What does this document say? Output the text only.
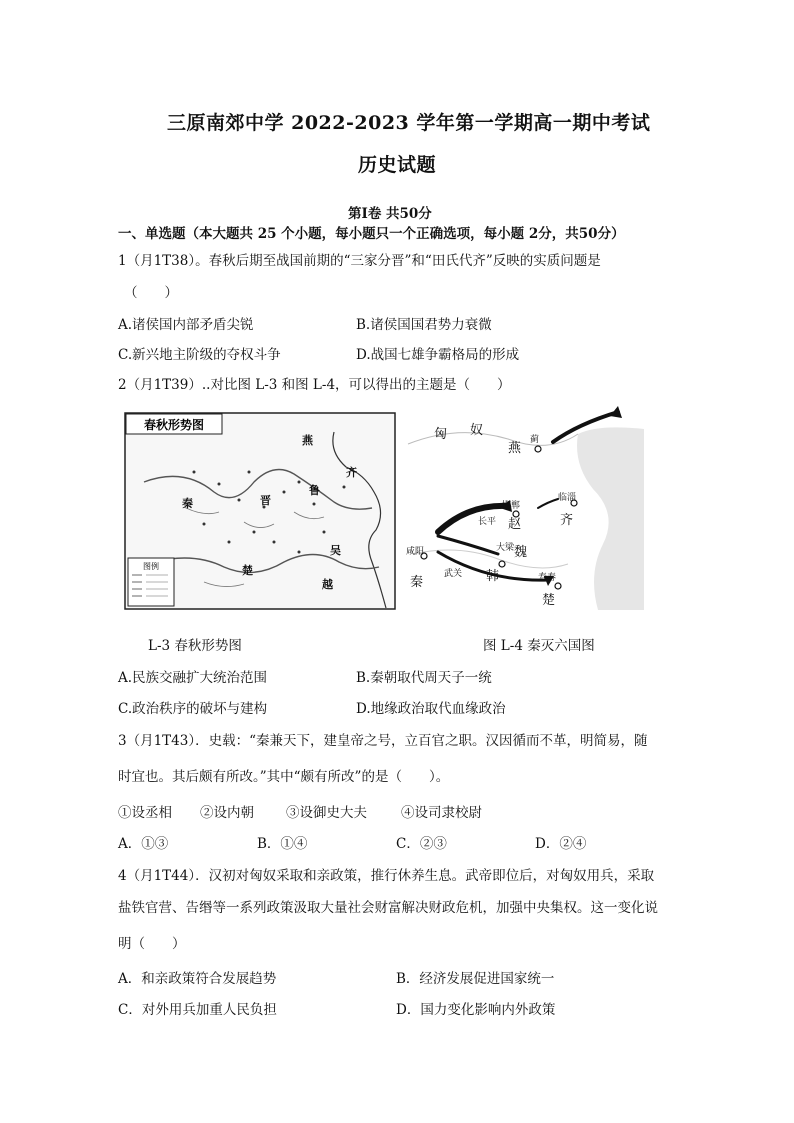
三原南郊中学 2022-2023 学年第一学期高一期中考试
历史试题
第Ⅰ卷 共50分
一、单选题（本大题共 25 个小题，每小题只一个正确选项，每小题 2分，共50分）
1（月1T38）。春秋后期至战国前期的“三家分晋”和“田氏代齐”反映的实质问题是
（　　）
A.诸侯国内部矛盾尖锐	B.诸侯国国君势力衰微
C.新兴地主阶级的夺权斗争	D.战国七雄争霸格局的形成
2（月1T39）..对比图 L-3 和图 L-4，可以得出的主题是（　　）
春秋形势图
燕
齐
鲁
晋
秦
楚
吴
越
图例
匈 奴
燕
蓟
邯郸
赵
长平
临淄
齐
咸阳	大梁 魏
韩
秦
武关	寿春
楚
L-3 春秋形势图	图 L-4 秦灭六国图
A.民族交融扩大统治范围	B.秦朝取代周天子一统
C.政治秩序的破坏与建构	D.地缘政治取代血缘政治
3（月1T43）．史载：“秦兼天下，建皇帝之号，立百官之职。汉因循而不革，明简易，随
时宜也。其后颇有所改。”其中“颇有所改”的是（　　）。
①设丞相 ②设内朝 ③设御史大夫	④设司隶校尉
A．①③	B．①④	C．②③	D．②④
4（月1T44）．汉初对匈奴采取和亲政策，推行休养生息。武帝即位后，对匈奴用兵，采取
盐铁官营、告缗等一系列政策汲取大量社会财富解决财政危机，加强中央集权。这一变化说
明（　　）
A．和亲政策符合发展趋势	B．经济发展促进国家统一
C．对外用兵加重人民负担	D．国力变化影响内外政策
